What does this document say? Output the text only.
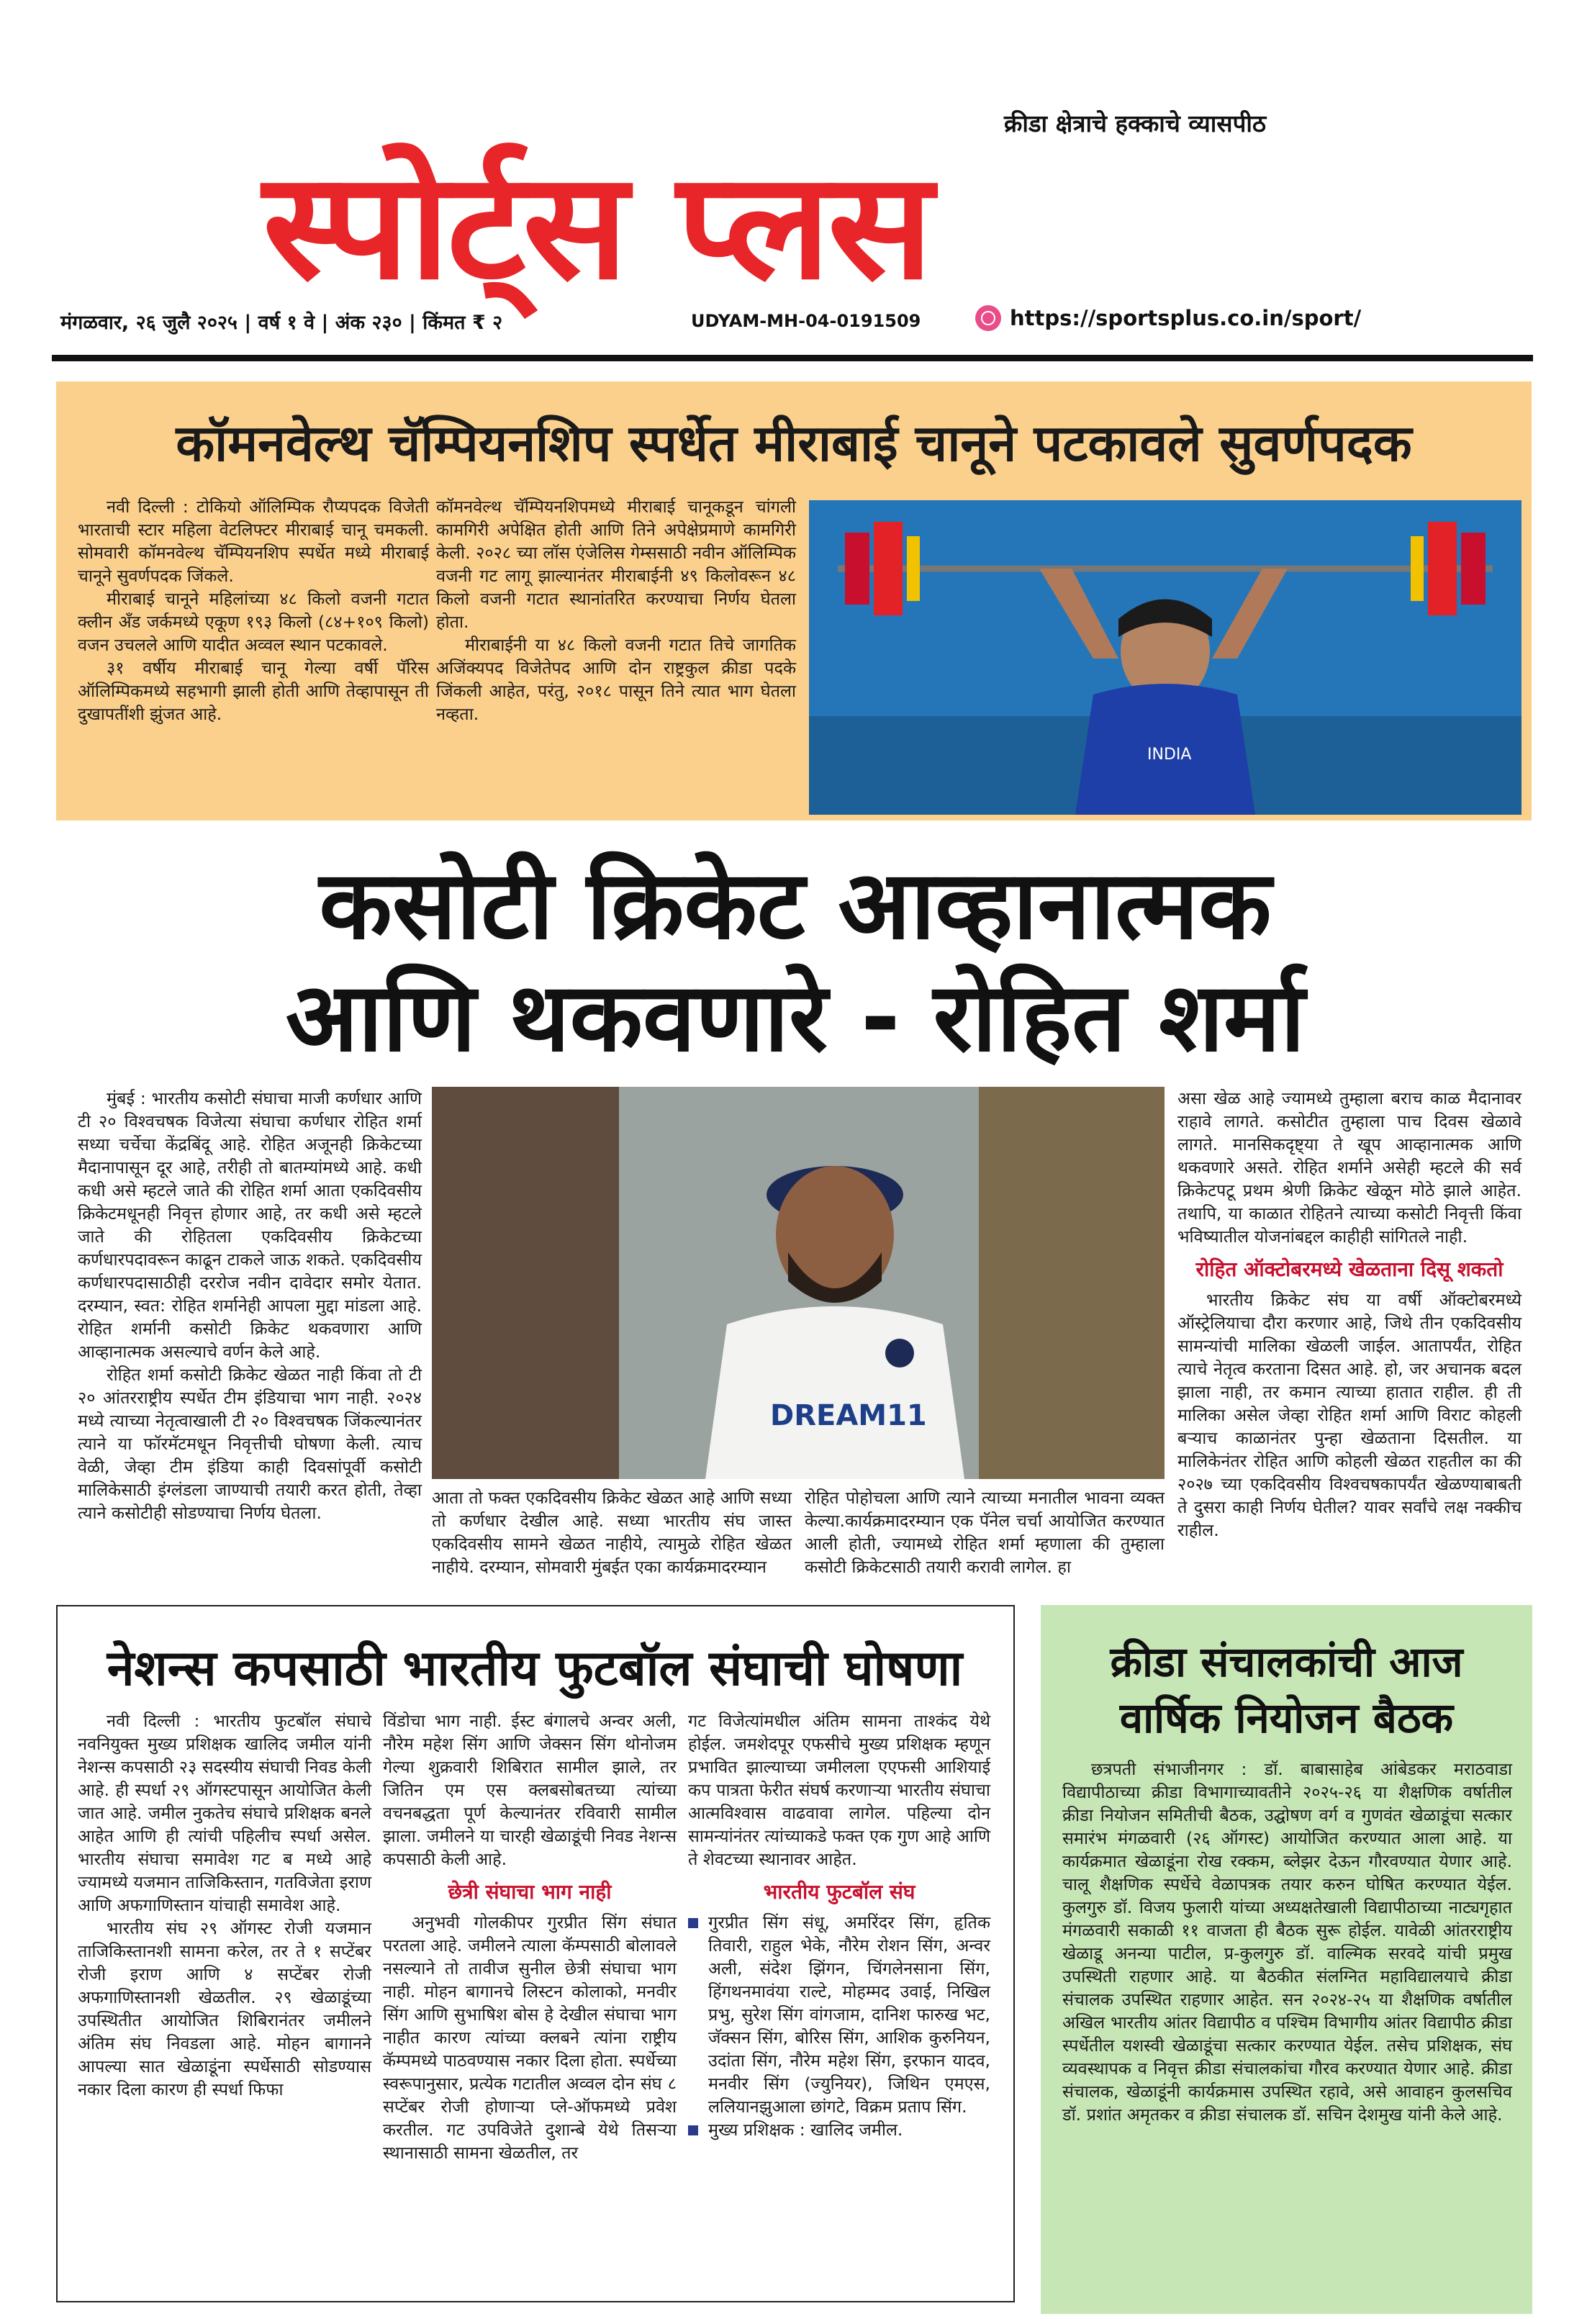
क्रीडा क्षेत्राचे हक्काचे व्यासपीठ
स्पोर्ट्स प्लस
मंगळवार, २६ जुलै २०२५ | वर्ष १ वे | अंक २३० | किंमत ₹ २	UDYAM-MH-04-0191509	https://sportsplus.co.in/sport/
कॉमनवेल्थ चॅम्पियनशिप स्पर्धेत मीराबाई चानूने पटकावले सुवर्णपदक

नवी दिल्ली : टोकियो ऑलिम्पिक रौप्यपदक विजेती भारताची स्टार महिला वेटलिफ्टर मीराबाई चानू चमकली. सोमवारी कॉमनवेल्थ चॅम्पियनशिप स्पर्धेत मध्ये मीराबाई चानूने सुवर्णपदक जिंकले.

मीराबाई चानूने महिलांच्या ४८ किलो वजनी गटात क्लीन अँड जर्कमध्ये एकूण १९३ किलो (८४+१०९ किलो) वजन उचलले आणि यादीत अव्वल स्थान पटकावले.

३१ वर्षीय मीराबाई चानू गेल्या वर्षी पॅरिस ऑलिम्पिकमध्ये सहभागी झाली होती आणि तेव्हापासून ती दुखापतींशी झुंजत आहे.

कॉमनवेल्थ चॅम्पियनशिपमध्ये मीराबाई चानूकडून चांगली कामगिरी अपेक्षित होती आणि तिने अपेक्षेप्रमाणे कामगिरी केली. २०२८ च्या लॉस एंजेलिस गेम्ससाठी नवीन ऑलिम्पिक वजनी गट लागू झाल्यानंतर मीराबाईनी ४९ किलोवरून ४८ किलो वजनी गटात स्थानांतरित करण्याचा निर्णय घेतला होता.

मीराबाईनी या ४८ किलो वजनी गटात तिचे जागतिक अजिंक्यपद विजेतेपद आणि दोन राष्ट्रकुल क्रीडा पदके जिंकली आहेत, परंतु, २०१८ पासून तिने त्यात भाग घेतला नव्हता.

INDIA
कसोटी क्रिकेट आव्हानात्मक
आणि थकवणारे - रोहित शर्मा

मुंबई : भारतीय कसोटी संघाचा माजी कर्णधार आणि टी २० विश्वचषक विजेत्या संघाचा कर्णधार रोहित शर्मा सध्या चर्चेचा केंद्रबिंदू आहे. रोहित अजूनही क्रिकेटच्या मैदानापासून दूर आहे, तरीही तो बातम्यांमध्ये आहे. कधी कधी असे म्हटले जाते की रोहित शर्मा आता एकदिवसीय क्रिकेटमधूनही निवृत्त होणार आहे, तर कधी असे म्हटले जाते की रोहितला एकदिवसीय क्रिकेटच्या कर्णधारपदावरून काढून टाकले जाऊ शकते. एकदिवसीय कर्णधारपदासाठीही दररोज नवीन दावेदार समोर येतात. दरम्यान, स्वत: रोहित शर्मानेही आपला मुद्दा मांडला आहे. रोहित शर्मानी कसोटी क्रिकेट थकवणारा आणि आव्हानात्मक असल्याचे वर्णन केले आहे.

रोहित शर्मा कसोटी क्रिकेट खेळत नाही किंवा तो टी २० आंतरराष्ट्रीय स्पर्धेत टीम इंडियाचा भाग नाही. २०२४ मध्ये त्याच्या नेतृत्वाखाली टी २० विश्वचषक जिंकल्यानंतर त्याने या फॉरमॅटमधून निवृत्तीची घोषणा केली. त्याच वेळी, जेव्हा टीम इंडिया काही दिवसांपूर्वी कसोटी मालिकेसाठी इंग्लंडला जाण्याची तयारी करत होती, तेव्हा त्याने कसोटीही सोडण्याचा निर्णय घेतला.

DREAM11

आता तो फक्त एकदिवसीय क्रिकेट खेळत आहे आणि सध्या तो कर्णधार देखील आहे. सध्या भारतीय संघ जास्त एकदिवसीय सामने खेळत नाहीये, त्यामुळे रोहित खेळत नाहीये. दरम्यान, सोमवारी मुंबईत एका कार्यक्रमादरम्यान

रोहित पोहोचला आणि त्याने त्याच्या मनातील भावना व्यक्त केल्या.कार्यक्रमादरम्यान एक पॅनेल चर्चा आयोजित करण्यात आली होती, ज्यामध्ये रोहित शर्मा म्हणाला की तुम्हाला कसोटी क्रिकेटसाठी तयारी करावी लागेल. हा

असा खेळ आहे ज्यामध्ये तुम्हाला बराच काळ मैदानावर राहावे लागते. कसोटीत तुम्हाला पाच दिवस खेळावे लागते. मानसिकदृष्ट्या ते खूप आव्हानात्मक आणि थकवणारे असते. रोहित शर्माने असेही म्हटले की सर्व क्रिकेटपटू प्रथम श्रेणी क्रिकेट खेळून मोठे झाले आहेत. तथापि, या काळात रोहितने त्याच्या कसोटी निवृत्ती किंवा भविष्यातील योजनांबद्दल काहीही सांगितले नाही.

रोहित ऑक्टोबरमध्ये खेळताना दिसू शकतो

भारतीय क्रिकेट संघ या वर्षी ऑक्टोबरमध्ये ऑस्ट्रेलियाचा दौरा करणार आहे, जिथे तीन एकदिवसीय सामन्यांची मालिका खेळली जाईल. आतापर्यंत, रोहित त्याचे नेतृत्व करताना दिसत आहे. हो, जर अचानक बदल झाला नाही, तर कमान त्याच्या हातात राहील. ही ती मालिका असेल जेव्हा रोहित शर्मा आणि विराट कोहली बऱ्याच काळानंतर पुन्हा खेळताना दिसतील. या मालिकेनंतर रोहित आणि कोहली खेळत राहतील का की २०२७ च्या एकदिवसीय विश्वचषकापर्यंत खेळण्याबाबती ते दुसरा काही निर्णय घेतील? यावर सर्वांचे लक्ष नक्कीच राहील.

नेशन्स कपसाठी भारतीय फुटबॉल संघाची घोषणा

नवी दिल्ली : भारतीय फुटबॉल संघाचे नवनियुक्त मुख्य प्रशिक्षक खालिद जमील यांनी नेशन्स कपसाठी २३ सदस्यीय संघाची निवड केली आहे. ही स्पर्धा २९ ऑगस्टपासून आयोजित केली जात आहे. जमील नुकतेच संघाचे प्रशिक्षक बनले आहेत आणि ही त्यांची पहिलीच स्पर्धा असेल. भारतीय संघाचा समावेश गट ब मध्ये आहे ज्यामध्ये यजमान ताजिकिस्तान, गतविजेता इराण आणि अफगाणिस्तान यांचाही समावेश आहे.

भारतीय संघ २९ ऑगस्ट रोजी यजमान ताजिकिस्तानशी सामना करेल, तर ते १ सप्टेंबर रोजी इराण आणि ४ सप्टेंबर रोजी अफगाणिस्तानशी खेळतील. २९ खेळाडूंच्या उपस्थितीत आयोजित शिबिरानंतर जमीलने अंतिम संघ निवडला आहे. मोहन बागानने आपल्या सात खेळाडूंना स्पर्धेसाठी सोडण्यास नकार दिला कारण ही स्पर्धा फिफा

विंडोचा भाग नाही. ईस्ट बंगालचे अन्वर अली, नौरेम महेश सिंग आणि जेक्सन सिंग थोनोजम गेल्या शुक्रवारी शिबिरात सामील झाले, तर जितिन एम एस क्लबसोबतच्या त्यांच्या वचनबद्धता पूर्ण केल्यानंतर रविवारी सामील झाला. जमीलने या चारही खेळाडूंची निवड नेशन्स कपसाठी केली आहे.

छेत्री संघाचा भाग नाही

अनुभवी गोलकीपर गुरप्रीत सिंग संघात परतला आहे. जमीलने त्याला कॅम्पसाठी बोलावले नसल्याने तो तावीज सुनील छेत्री संघाचा भाग नाही. मोहन बागानचे लिस्टन कोलाको, मनवीर सिंग आणि सुभाषिश बोस हे देखील संघाचा भाग नाहीत कारण त्यांच्या क्लबने त्यांना राष्ट्रीय कॅम्पमध्ये पाठवण्यास नकार दिला होता. स्पर्धेच्या स्वरूपानुसार, प्रत्येक गटातील अव्वल दोन संघ ८ सप्टेंबर रोजी होणाऱ्या प्ले-ऑफमध्ये प्रवेश करतील. गट उपविजेते दुशान्बे येथे तिसऱ्या स्थानासाठी सामना खेळतील, तर

गट विजेत्यांमधील अंतिम सामना ताश्कंद येथे होईल. जमशेदपूर एफसीचे मुख्य प्रशिक्षक म्हणून प्रभावित झाल्याच्या जमीलला एएफसी आशियाई कप पात्रता फेरीत संघर्ष करणाऱ्या भारतीय संघाचा आत्मविश्वास वाढवावा लागेल. पहिल्या दोन सामन्यांनंतर त्यांच्याकडे फक्त एक गुण आहे आणि ते शेवटच्या स्थानावर आहेत.

भारतीय फुटबॉल संघ
गुरप्रीत सिंग संधू, अमरिंदर सिंग, हृतिक तिवारी, राहुल भेके, नौरेम रोशन सिंग, अन्वर अली, संदेश झिंगन, चिंगलेनसाना सिंग, हिंगथनमावंया राल्टे, मोहम्मद उवाई, निखिल प्रभु, सुरेश सिंग वांगजाम, दानिश फारुख भट, जॅक्सन सिंग, बोरिस सिंग, आशिक कुरुनियन, उदांता सिंग, नौरेम महेश सिंग, इरफान यादव, मनवीर सिंग (ज्युनियर), जिथिन एमएस, ललियानझुआला छांगटे, विक्रम प्रताप सिंग.
मुख्य प्रशिक्षक : खालिद जमील.
क्रीडा संचालकांची आज
वार्षिक नियोजन बैठक

छत्रपती संभाजीनगर : डॉ. बाबासाहेब आंबेडकर मराठवाडा विद्यापीठाच्या क्रीडा विभागाच्यावतीने २०२५-२६ या शैक्षणिक वर्षातील क्रीडा नियोजन समितीची बैठक, उद्घोषण वर्ग व गुणवंत खेळाडूंचा सत्कार समारंभ मंगळवारी (२६ ऑगस्ट) आयोजित करण्यात आला आहे. या कार्यक्रमात खेळाडूंना रोख रक्कम, ब्लेझर देऊन गौरवण्यात येणार आहे. चालू शैक्षणिक स्पर्धेचे वेळापत्रक तयार करुन घोषित करण्यात येईल. कुलगुरु डॉ. विजय फुलारी यांच्या अध्यक्षतेखाली विद्यापीठाच्या नाट्यगृहात मंगळवारी सकाळी ११ वाजता ही बैठक सुरू होईल. यावेळी आंतरराष्ट्रीय खेळाडू अनन्या पाटील, प्र-कुलगुरु डॉ. वाल्मिक सरवदे यांची प्रमुख उपस्थिती राहणार आहे. या बैठकीत संलग्नित महाविद्यालयाचे क्रीडा संचालक उपस्थित राहणार आहेत. सन २०२४-२५ या शैक्षणिक वर्षातील अखिल भारतीय आंतर विद्यापीठ व पश्चिम विभागीय आंतर विद्यापीठ क्रीडा स्पर्धेतील यशस्वी खेळाडूंचा सत्कार करण्यात येईल. तसेच प्रशिक्षक, संघ व्यवस्थापक व निवृत्त क्रीडा संचालकांचा गौरव करण्यात येणार आहे. क्रीडा संचालक, खेळाडूंनी कार्यक्रमास उपस्थित रहावे, असे आवाहन कुलसचिव डॉ. प्रशांत अमृतकर व क्रीडा संचालक डॉ. सचिन देशमुख यांनी केले आहे.
